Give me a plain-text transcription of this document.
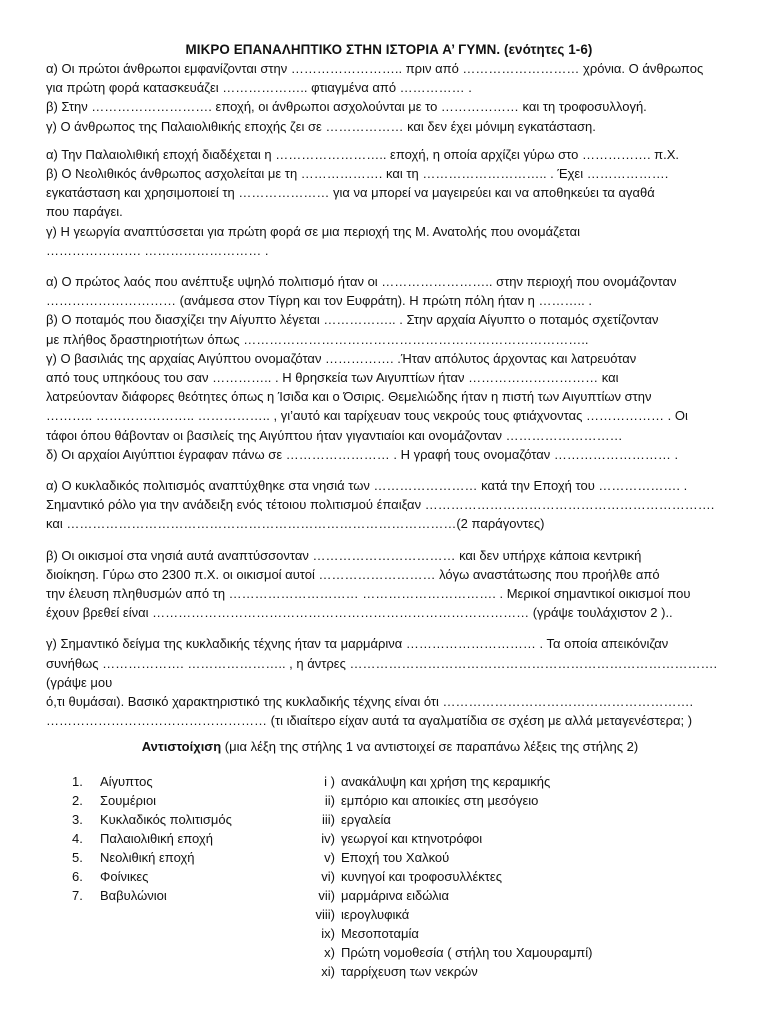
ΜΙΚΡΟ ΕΠΑΝΑΛΗΠΤΙΚΟ ΣΤΗΝ ΙΣΤΟΡΙΑ Α’ ΓΥΜΝ. (ενότητες 1-6)

α) Οι πρώτοι άνθρωποι εμφανίζονται στην …………………….. πριν από ……………………… χρόνια. Ο άνθρωπος

για πρώτη φορά κατασκευάζει ……………….. φτιαγμένα από …………… .

β) Στην ………………………. εποχή, οι άνθρωποι ασχολούνται με το ……………… και τη τροφοσυλλογή.

γ) Ο άνθρωπος της Παλαιολιθικής εποχής ζει σε ……………… και δεν έχει μόνιμη εγκατάσταση.

α) Την Παλαιολιθική εποχή διαδέχεται η …………………….. εποχή, η οποία αρχίζει γύρω στο ……………. π.Χ.

β) Ο Νεολιθικός άνθρωπος ασχολείται με τη ………………. και τη ……………………….. . Έχει ……………….

εγκατάσταση και χρησιμοποιεί τη ………………… για να μπορεί να μαγειρεύει και να αποθηκεύει τα αγαθά

που παράγει.

γ) Η γεωργία αναπτύσσεται για πρώτη φορά σε μια περιοχή της Μ. Ανατολής που ονομάζεται

…………………. ……………………… .

α) Ο πρώτος λαός που ανέπτυξε υψηλό πολιτισμό ήταν οι …………………….. στην περιοχή που ονομάζονταν

………………………… (ανάμεσα στον Τίγρη και τον Ευφράτη). Η πρώτη πόλη ήταν η ……….. .

β) Ο ποταμός που διασχίζει την Αίγυπτο λέγεται …………….. . Στην αρχαία Αίγυπτο ο ποταμός σχετίζονταν

με πλήθος δραστηριοτήτων όπως ……………………………………………………………………..

γ) Ο βασιλιάς της αρχαίας Αιγύπτου ονομαζόταν ……………. .Ήταν απόλυτος άρχοντας και λατρευόταν

από τους υπηκόους του σαν ………….. . Η θρησκεία των Αιγυπτίων ήταν ………………………… και

λατρεύονταν διάφορες θεότητες όπως η Ίσιδα και ο Όσιρις. Θεμελιώδης ήταν η πιστή των Αιγυπτίων στην

……….. ………………….. …………….. , γι’αυτό και ταρίχευαν τους νεκρούς τους φτιάχνοντας ……………… . Οι

τάφοι όπου θάβονταν οι βασιλείς της Αιγύπτου ήταν γιγαντιαίοι και ονομάζονταν ………………………

δ) Οι αρχαίοι Αιγύπτιοι έγραφαν πάνω σε …………………… . Η γραφή τους ονομαζόταν ……………………… .

α) Ο κυκλαδικός πολιτισμός αναπτύχθηκε στα νησιά των …………………… κατά την Εποχή του ………………. .

Σημαντικό ρόλο για την ανάδειξη ενός τέτοιου πολιτισμού έπαιξαν ………………………………………………………….

και ………………………………………………………………………………(2 παράγοντες)

β) Οι οικισμοί στα νησιά αυτά αναπτύσσονταν …………………………… και δεν υπήρχε κάποια κεντρική

διοίκηση. Γύρω στο 2300 π.Χ. οι οικισμοί αυτοί ……………………… λόγω αναστάτωσης που προήλθε από

την έλευση πληθυσμών από τη ………………………… …………………………. . Μερικοί σημαντικοί οικισμοί που

έχουν βρεθεί είναι …………………………………………………………………………… (γράψε τουλάχιστον 2 )..

γ) Σημαντικό δείγμα της κυκλαδικής τέχνης ήταν τα μαρμάρινα ………………………… . Τα οποία απεικόνιζαν

συνήθως ………………. ………………….. , η άντρες …………………………………………………………………………. (γράψε μου

ό,τι θυμάσαι). Βασικό χαρακτηριστικό της κυκλαδικής τέχνης είναι ότι ………………………………………………….

…………………………………………… (τι ιδιαίτερο είχαν αυτά τα αγαλματίδια σε σχέση με αλλά μεταγενέστερα; )

Αντιστοίχιση (μια λέξη της στήλης 1 να αντιστοιχεί σε παραπάνω λέξεις της στήλης 2)
1.	Αίγυπτος
2.	Σουμέριοι
3.	Κυκλαδικός πολιτισμός
4.	Παλαιολιθική εποχή
5.	Νεολιθική εποχή
6.	Φοίνικες
7.	Βαβυλώνιοι
i ) ανακάλυψη και χρήση της κεραμικής
ii) εμπόριο και αποικίες στη μεσόγειο
iii) εργαλεία
iv) γεωργοί και κτηνοτρόφοι
v) Εποχή του Χαλκού
vi) κυνηγοί και τροφοσυλλέκτες
vii) μαρμάρινα ειδώλια
viii) ιερογλυφικά
ix) Μεσοποταμία
x) Πρώτη νομοθεσία ( στήλη του Χαμουραμπί)
xi) ταρρίχευση των νεκρών
